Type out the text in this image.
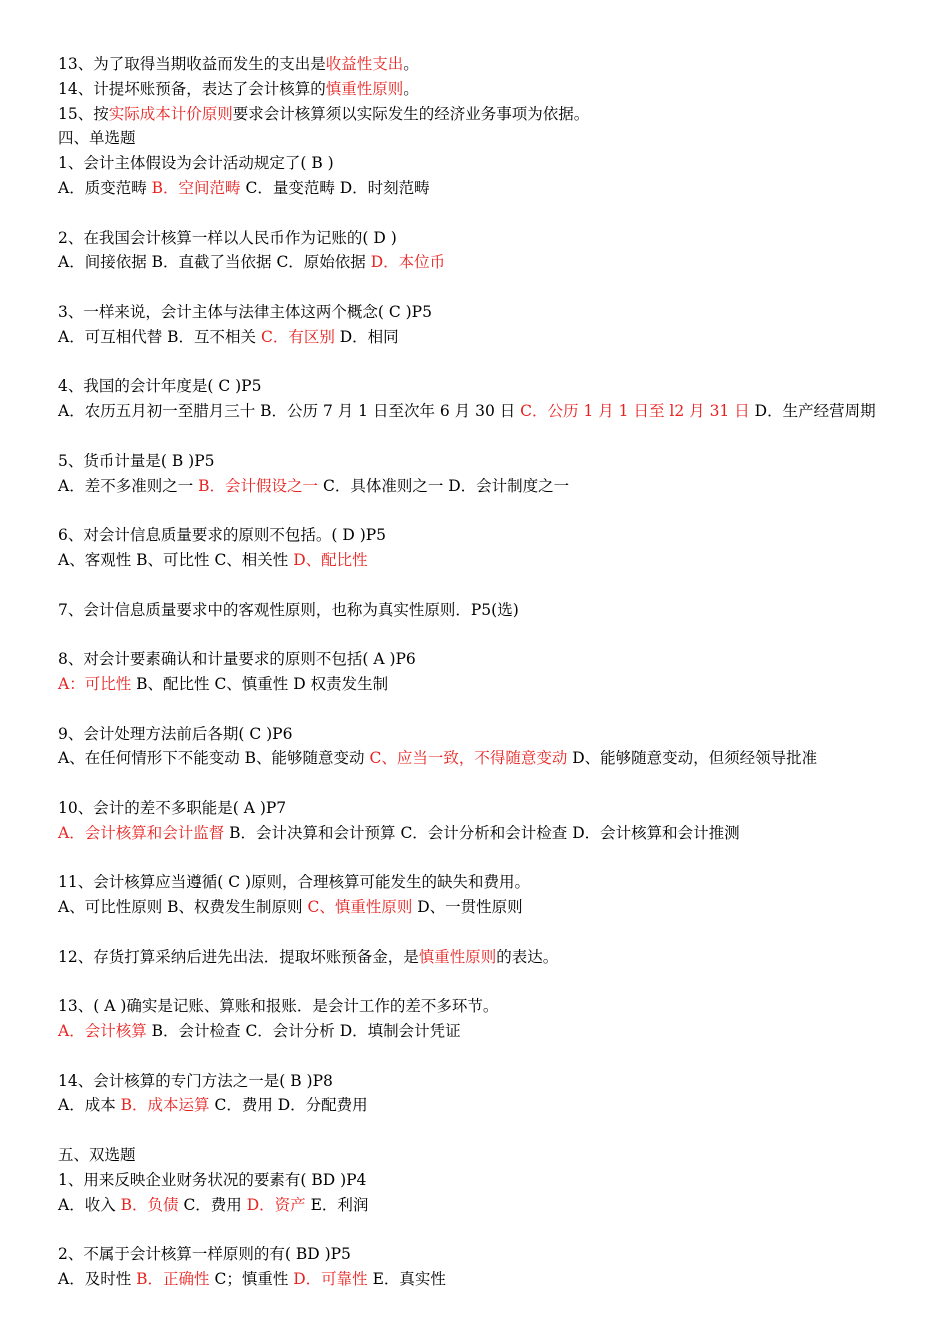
13、为了取得当期收益而发生的支出是收益性支出。
14、计提坏账预备，表达了会计核算的慎重性原则。
15、按实际成本计价原则要求会计核算须以实际发生的经济业务事项为依据。
四、单选题
1、会计主体假设为会计活动规定了( B )
A．质变范畴 B．空间范畴 C．量变范畴 D．时刻范畴
2、在我国会计核算一样以人民币作为记账的( D )
A．间接依据 B．直截了当依据 C．原始依据 D．本位币
3、一样来说，会计主体与法律主体这两个概念( C )P5
A．可互相代替 B．互不相关 C．有区别 D．相同
4、我国的会计年度是( C )P5
A．农历五月初一至腊月三十 B．公历 7 月 1 日至次年 6 月 30 日 C．公历 1 月 1 日至 l2 月 31 日 D．生产经营周期
5、货币计量是( B )P5
A．差不多准则之一 B．会计假设之一 C．具体准则之一 D．会计制度之一
6、对会计信息质量要求的原则不包括。( D )P5
A、客观性 B、可比性 C、相关性 D、配比性
7、会计信息质量要求中的客观性原则，也称为真实性原则．P5(选)
8、对会计要素确认和计量要求的原则不包括( A )P6
A：可比性 B、配比性 C、慎重性 D 权责发生制
9、会计处理方法前后各期( C )P6
A、在任何情形下不能变动 B、能够随意变动 C、应当一致，不得随意变动 D、能够随意变动，但须经领导批准
10、会计的差不多职能是( A )P7
A．会计核算和会计监督 B．会计决算和会计预算 C．会计分析和会计检查 D．会计核算和会计推测
11、会计核算应当遵循( C )原则，合理核算可能发生的缺失和费用。
A、可比性原则 B、权费发生制原则 C、慎重性原则 D、一贯性原则
12、存货打算采纳后进先出法．提取坏账预备金，是慎重性原则的表达。
13、( A )确实是记账、算账和报账．是会计工作的差不多环节。
A．会计核算 B．会计检查 C．会计分析 D．填制会计凭证
14、会计核算的专门方法之一是( B )P8
A．成本 B．成本运算 C．费用 D．分配费用
五、双选题
1、用来反映企业财务状况的要素有( BD )P4
A．收入 B．负债 C．费用 D．资产 E．利润
2、不属于会计核算一样原则的有( BD )P5
A．及时性 B．正确性 C；慎重性 D．可靠性 E．真实性
